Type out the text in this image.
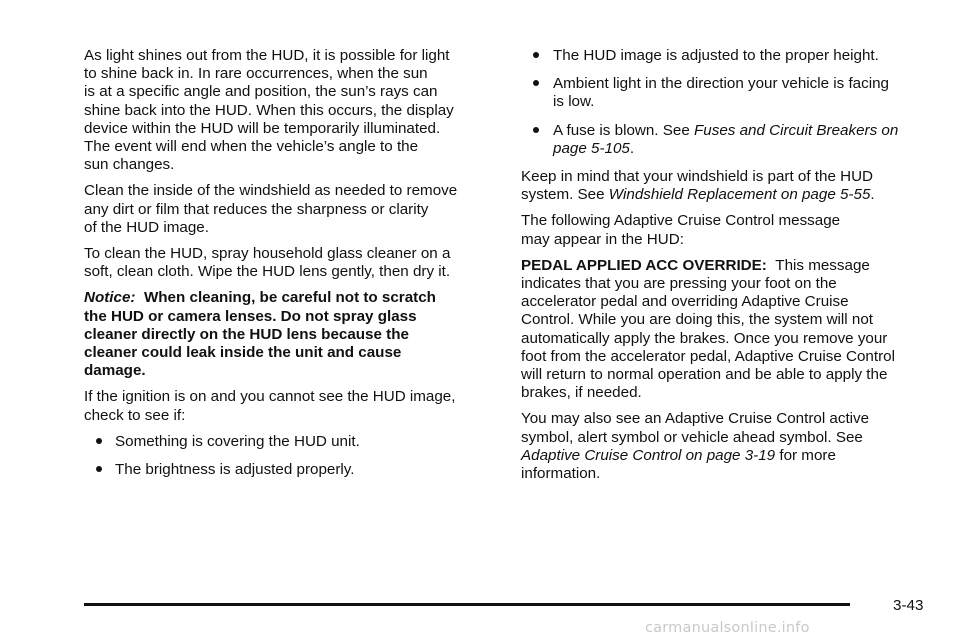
As light shines out from the HUD, it is possible for light
to shine back in. In rare occurrences, when the sun
is at a specific angle and position, the sun’s rays can
shine back into the HUD. When this occurs, the display
device within the HUD will be temporarily illuminated.
The event will end when the vehicle’s angle to the
sun changes.

Clean the inside of the windshield as needed to remove
any dirt or film that reduces the sharpness or clarity
of the HUD image.

To clean the HUD, spray household glass cleaner on a
soft, clean cloth. Wipe the HUD lens gently, then dry it.

Notice: When cleaning, be careful not to scratch
the HUD or camera lenses. Do not spray glass
cleaner directly on the HUD lens because the
cleaner could leak inside the unit and cause
damage.

If the ignition is on and you cannot see the HUD image,
check to see if:

Something is covering the HUD unit.
The brightness is adjusted properly.
The HUD image is adjusted to the proper height.
Ambient light in the direction your vehicle is facing
is low.
A fuse is blown. See Fuses and Circuit Breakers on
page 5-105.

Keep in mind that your windshield is part of the HUD
system. See Windshield Replacement on page 5-55.

The following Adaptive Cruise Control message
may appear in the HUD:

PEDAL APPLIED ACC OVERRIDE: This message
indicates that you are pressing your foot on the
accelerator pedal and overriding Adaptive Cruise
Control. While you are doing this, the system will not
automatically apply the brakes. Once you remove your
foot from the accelerator pedal, Adaptive Cruise Control
will return to normal operation and be able to apply the
brakes, if needed.

You may also see an Adaptive Cruise Control active
symbol, alert symbol or vehicle ahead symbol. See
Adaptive Cruise Control on page 3-19 for more
information.

3-43
carmanualsonline.info
